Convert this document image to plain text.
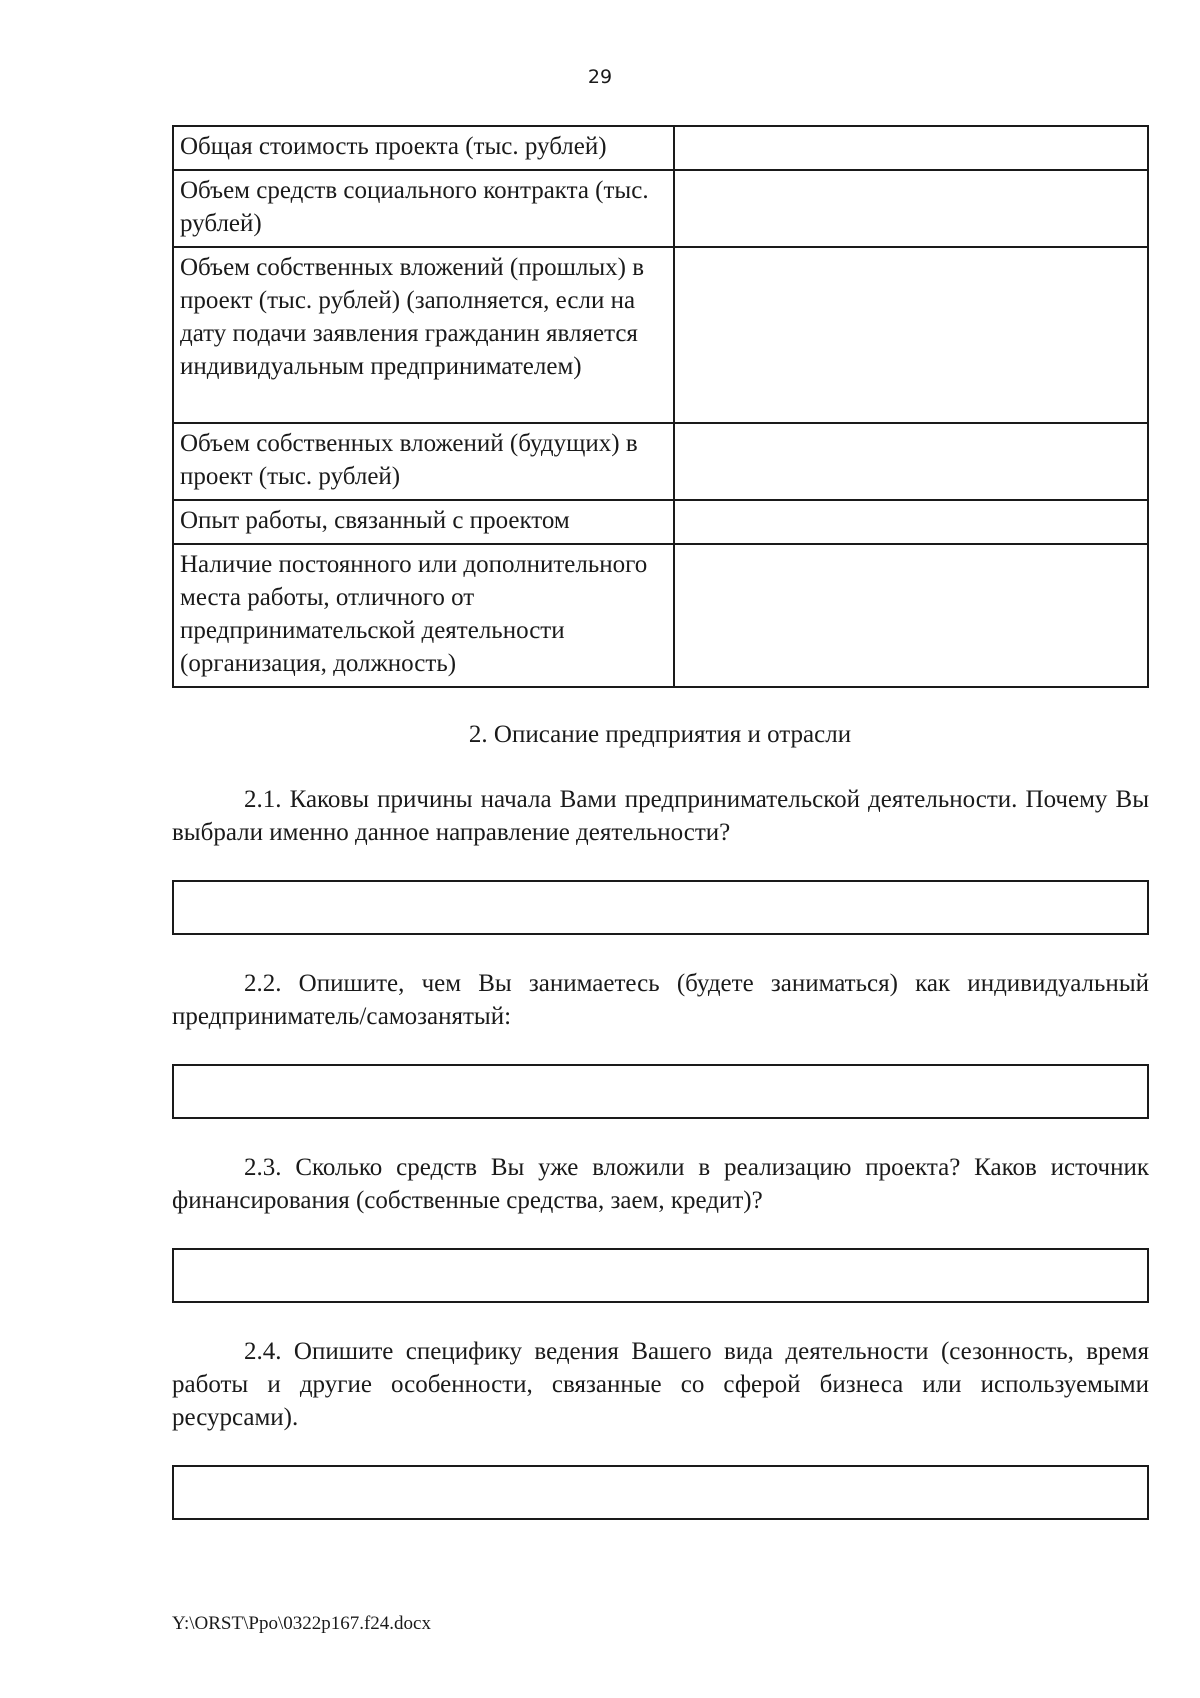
29
Общая стоимость проекта (тыс. рублей)	
Объем средств социального контракта (тыс. рублей)	
Объем собственных вложений (прошлых) в проект (тыс. рублей) (заполняется, если на дату подачи заявления гражданин является индивидуальным предпринимателем)	
Объем собственных вложений (будущих) в проект (тыс. рублей)	
Опыт работы, связанный с проектом	
Наличие постоянного или дополнительного места работы, отличного от предпринимательской деятельности (организация, должность)	
2. Описание предприятия и отрасли
2.1. Каковы причины начала Вами предпринимательской деятельности. Почему Вы выбрали именно данное направление деятельности?
2.2. Опишите, чем Вы занимаетесь (будете заниматься) как индивидуальный предприниматель/самозанятый:
2.3. Сколько средств Вы уже вложили в реализацию проекта? Каков источник финансирования (собственные средства, заем, кредит)?
2.4. Опишите специфику ведения Вашего вида деятельности (сезонность, время работы и другие особенности, связанные со сферой бизнеса или используемыми ресурсами).
Y:\ORST\Ppo\0322p167.f24.docx
